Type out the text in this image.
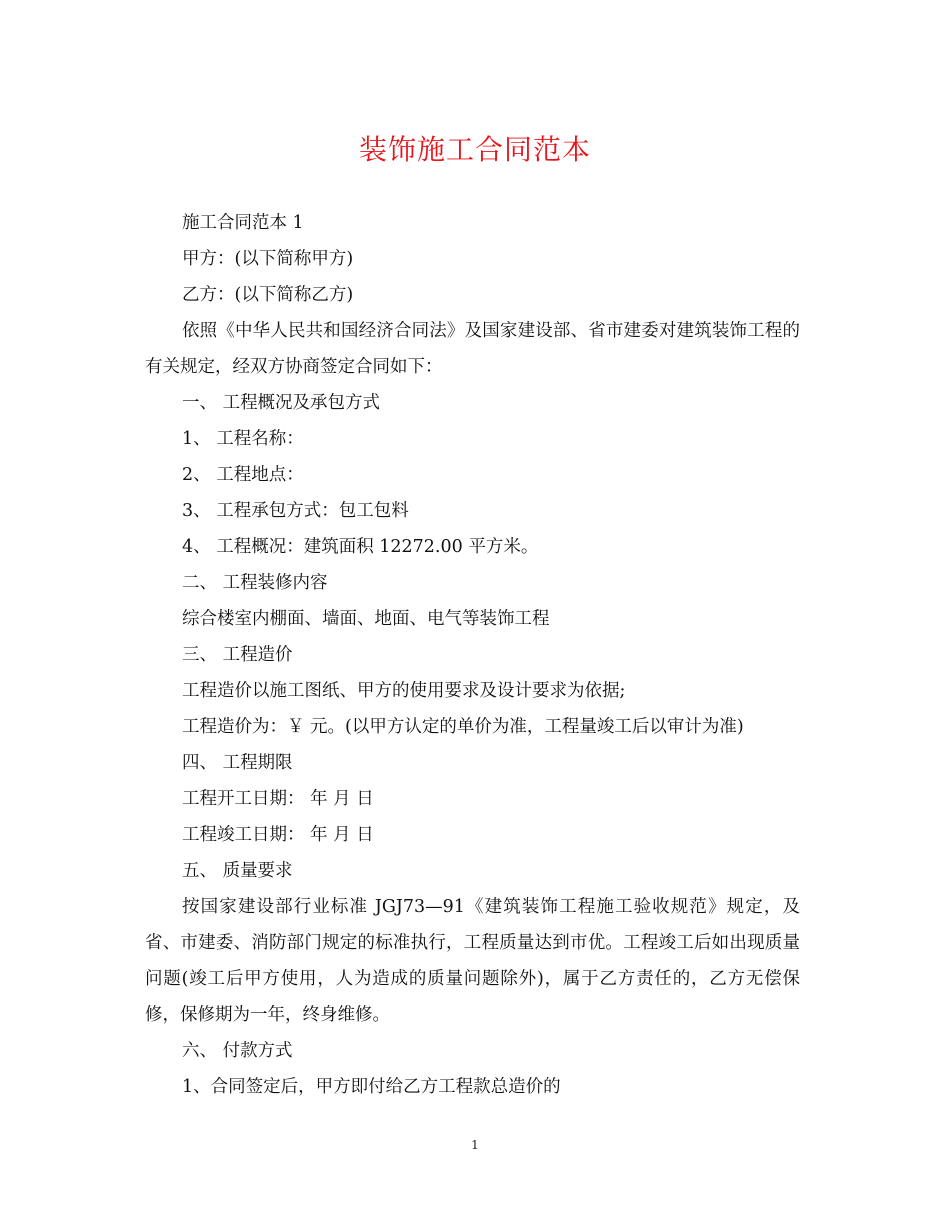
装饰施工合同范本

施工合同范本 1

甲方：(以下简称甲方)

乙方：(以下简称乙方)

依照《中华人民共和国经济合同法》及国家建设部、省市建委对建筑装饰工程的有关规定，经双方协商签定合同如下：

一、 工程概况及承包方式

1、 工程名称：

2、 工程地点：

3、 工程承包方式：包工包料

4、 工程概况：建筑面积 12272.00 平方米。

二、 工程装修内容

综合楼室内棚面、墙面、地面、电气等装饰工程

三、 工程造价

工程造价以施工图纸、甲方的使用要求及设计要求为依据;

工程造价为：￥ 元。(以甲方认定的单价为准，工程量竣工后以审计为准)

四、 工程期限

工程开工日期： 年 月 日

工程竣工日期： 年 月 日

五、 质量要求

按国家建设部行业标准 JGJ73—91《建筑装饰工程施工验收规范》规定，及省、市建委、消防部门规定的标准执行，工程质量达到市优。工程竣工后如出现质量问题(竣工后甲方使用，人为造成的质量问题除外)，属于乙方责任的，乙方无偿保修，保修期为一年，终身维修。

六、 付款方式

1、合同签定后，甲方即付给乙方工程款总造价的

1
